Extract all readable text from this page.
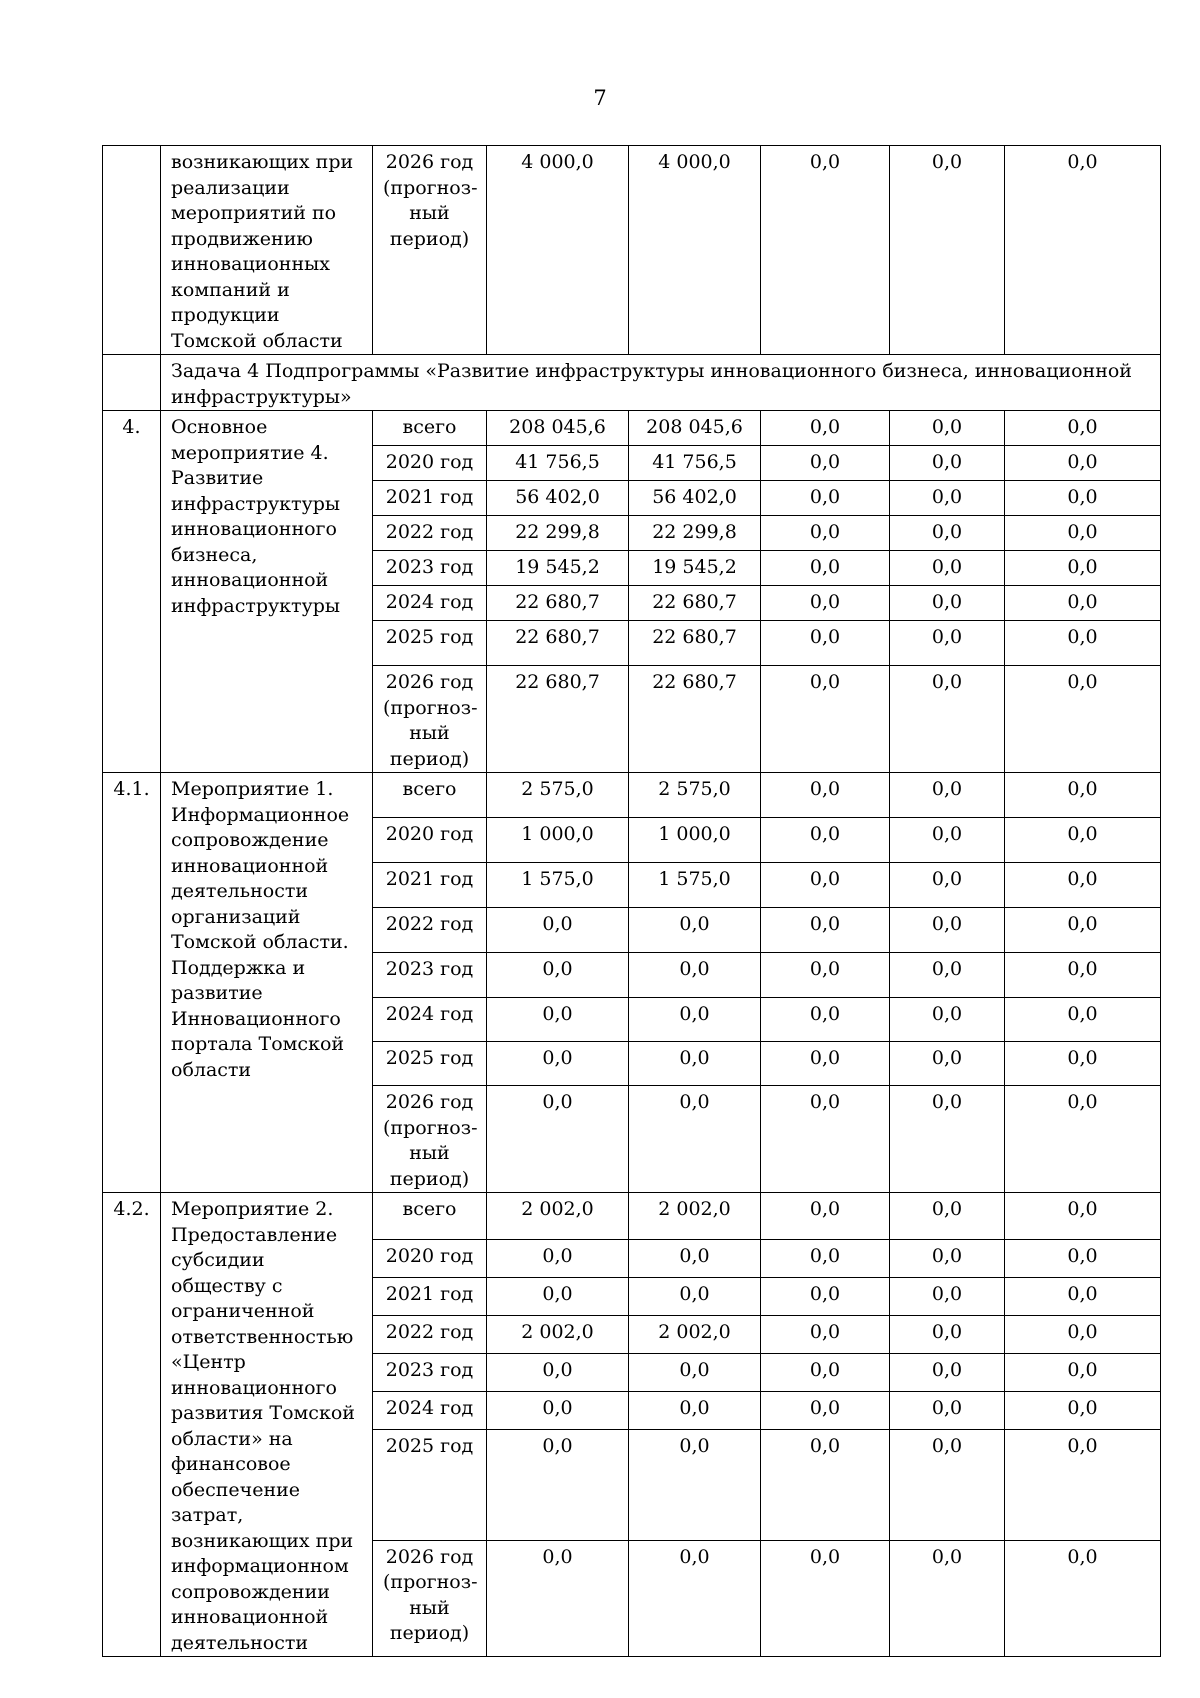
7
	возникающих при реализации мероприятий по продвижению инновационных компаний и продукции Томской области	2026 год (прогноз-ный период)	4 000,0	4 000,0	0,0	0,0	0,0
	Задача 4 Подпрограммы «Развитие инфраструктуры инновационного бизнеса, инновационной инфраструктуры»						
4.	Основное мероприятие 4. Развитие инфраструктуры инновационного бизнеса, инновационной инфраструктуры	всего	208 045,6	208 045,6	0,0	0,0	0,0
		2020 год	41 756,5	41 756,5	0,0	0,0	0,0
		2021 год	56 402,0	56 402,0	0,0	0,0	0,0
		2022 год	22 299,8	22 299,8	0,0	0,0	0,0
		2023 год	19 545,2	19 545,2	0,0	0,0	0,0
		2024 год	22 680,7	22 680,7	0,0	0,0	0,0
		2025 год	22 680,7	22 680,7	0,0	0,0	0,0
		2026 год (прогноз-ный период)	22 680,7	22 680,7	0,0	0,0	0,0
4.1.	Мероприятие 1. Информационное сопровождение инновационной деятельности организаций Томской области. Поддержка и развитие Инновационного портала Томской области	всего	2 575,0	2 575,0	0,0	0,0	0,0
		2020 год	1 000,0	1 000,0	0,0	0,0	0,0
		2021 год	1 575,0	1 575,0	0,0	0,0	0,0
		2022 год	0,0	0,0	0,0	0,0	0,0
		2023 год	0,0	0,0	0,0	0,0	0,0
		2024 год	0,0	0,0	0,0	0,0	0,0
		2025 год	0,0	0,0	0,0	0,0	0,0
		2026 год (прогноз-ный период)	0,0	0,0	0,0	0,0	0,0
4.2.	Мероприятие 2. Предоставление субсидии обществу с ограниченной ответственностью «Центр инновационного развития Томской области» на финансовое обеспечение затрат, возникающих при информационном сопровождении инновационной деятельности	всего	2 002,0	2 002,0	0,0	0,0	0,0
		2020 год	0,0	0,0	0,0	0,0	0,0
		2021 год	0,0	0,0	0,0	0,0	0,0
		2022 год	2 002,0	2 002,0	0,0	0,0	0,0
		2023 год	0,0	0,0	0,0	0,0	0,0
		2024 год	0,0	0,0	0,0	0,0	0,0
		2025 год	0,0	0,0	0,0	0,0	0,0
		2026 год (прогноз-ный период)	0,0	0,0	0,0	0,0	0,0
